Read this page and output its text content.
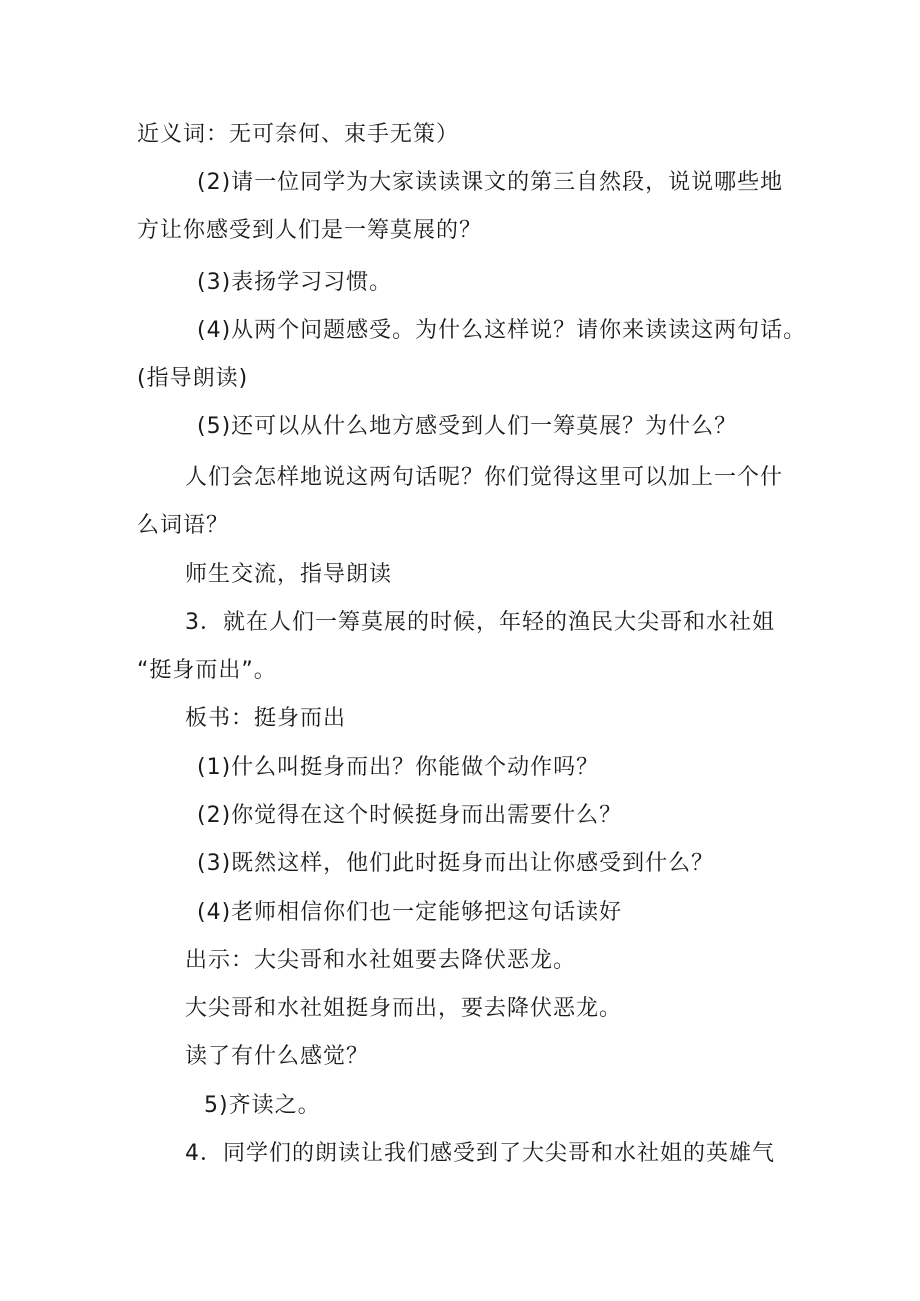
近义词：无可奈何、束手无策）
(2)请一位同学为大家读读课文的第三自然段，说说哪些地
方让你感受到人们是一筹莫展的？
(3)表扬学习习惯。
(4)从两个问题感受。为什么这样说？请你来读读这两句话。
(指导朗读)
(5)还可以从什么地方感受到人们一筹莫展？为什么？
人们会怎样地说这两句话呢？你们觉得这里可以加上一个什
么词语？
师生交流，指导朗读
3．就在人们一筹莫展的时候，年轻的渔民大尖哥和水社姐
“挺身而出”。
板书：挺身而出
(1)什么叫挺身而出？你能做个动作吗？
(2)你觉得在这个时候挺身而出需要什么？
(3)既然这样，他们此时挺身而出让你感受到什么？
(4)老师相信你们也一定能够把这句话读好
出示：大尖哥和水社姐要去降伏恶龙。
大尖哥和水社姐挺身而出，要去降伏恶龙。
读了有什么感觉？
5)齐读之。
4．同学们的朗读让我们感受到了大尖哥和水社姐的英雄气
